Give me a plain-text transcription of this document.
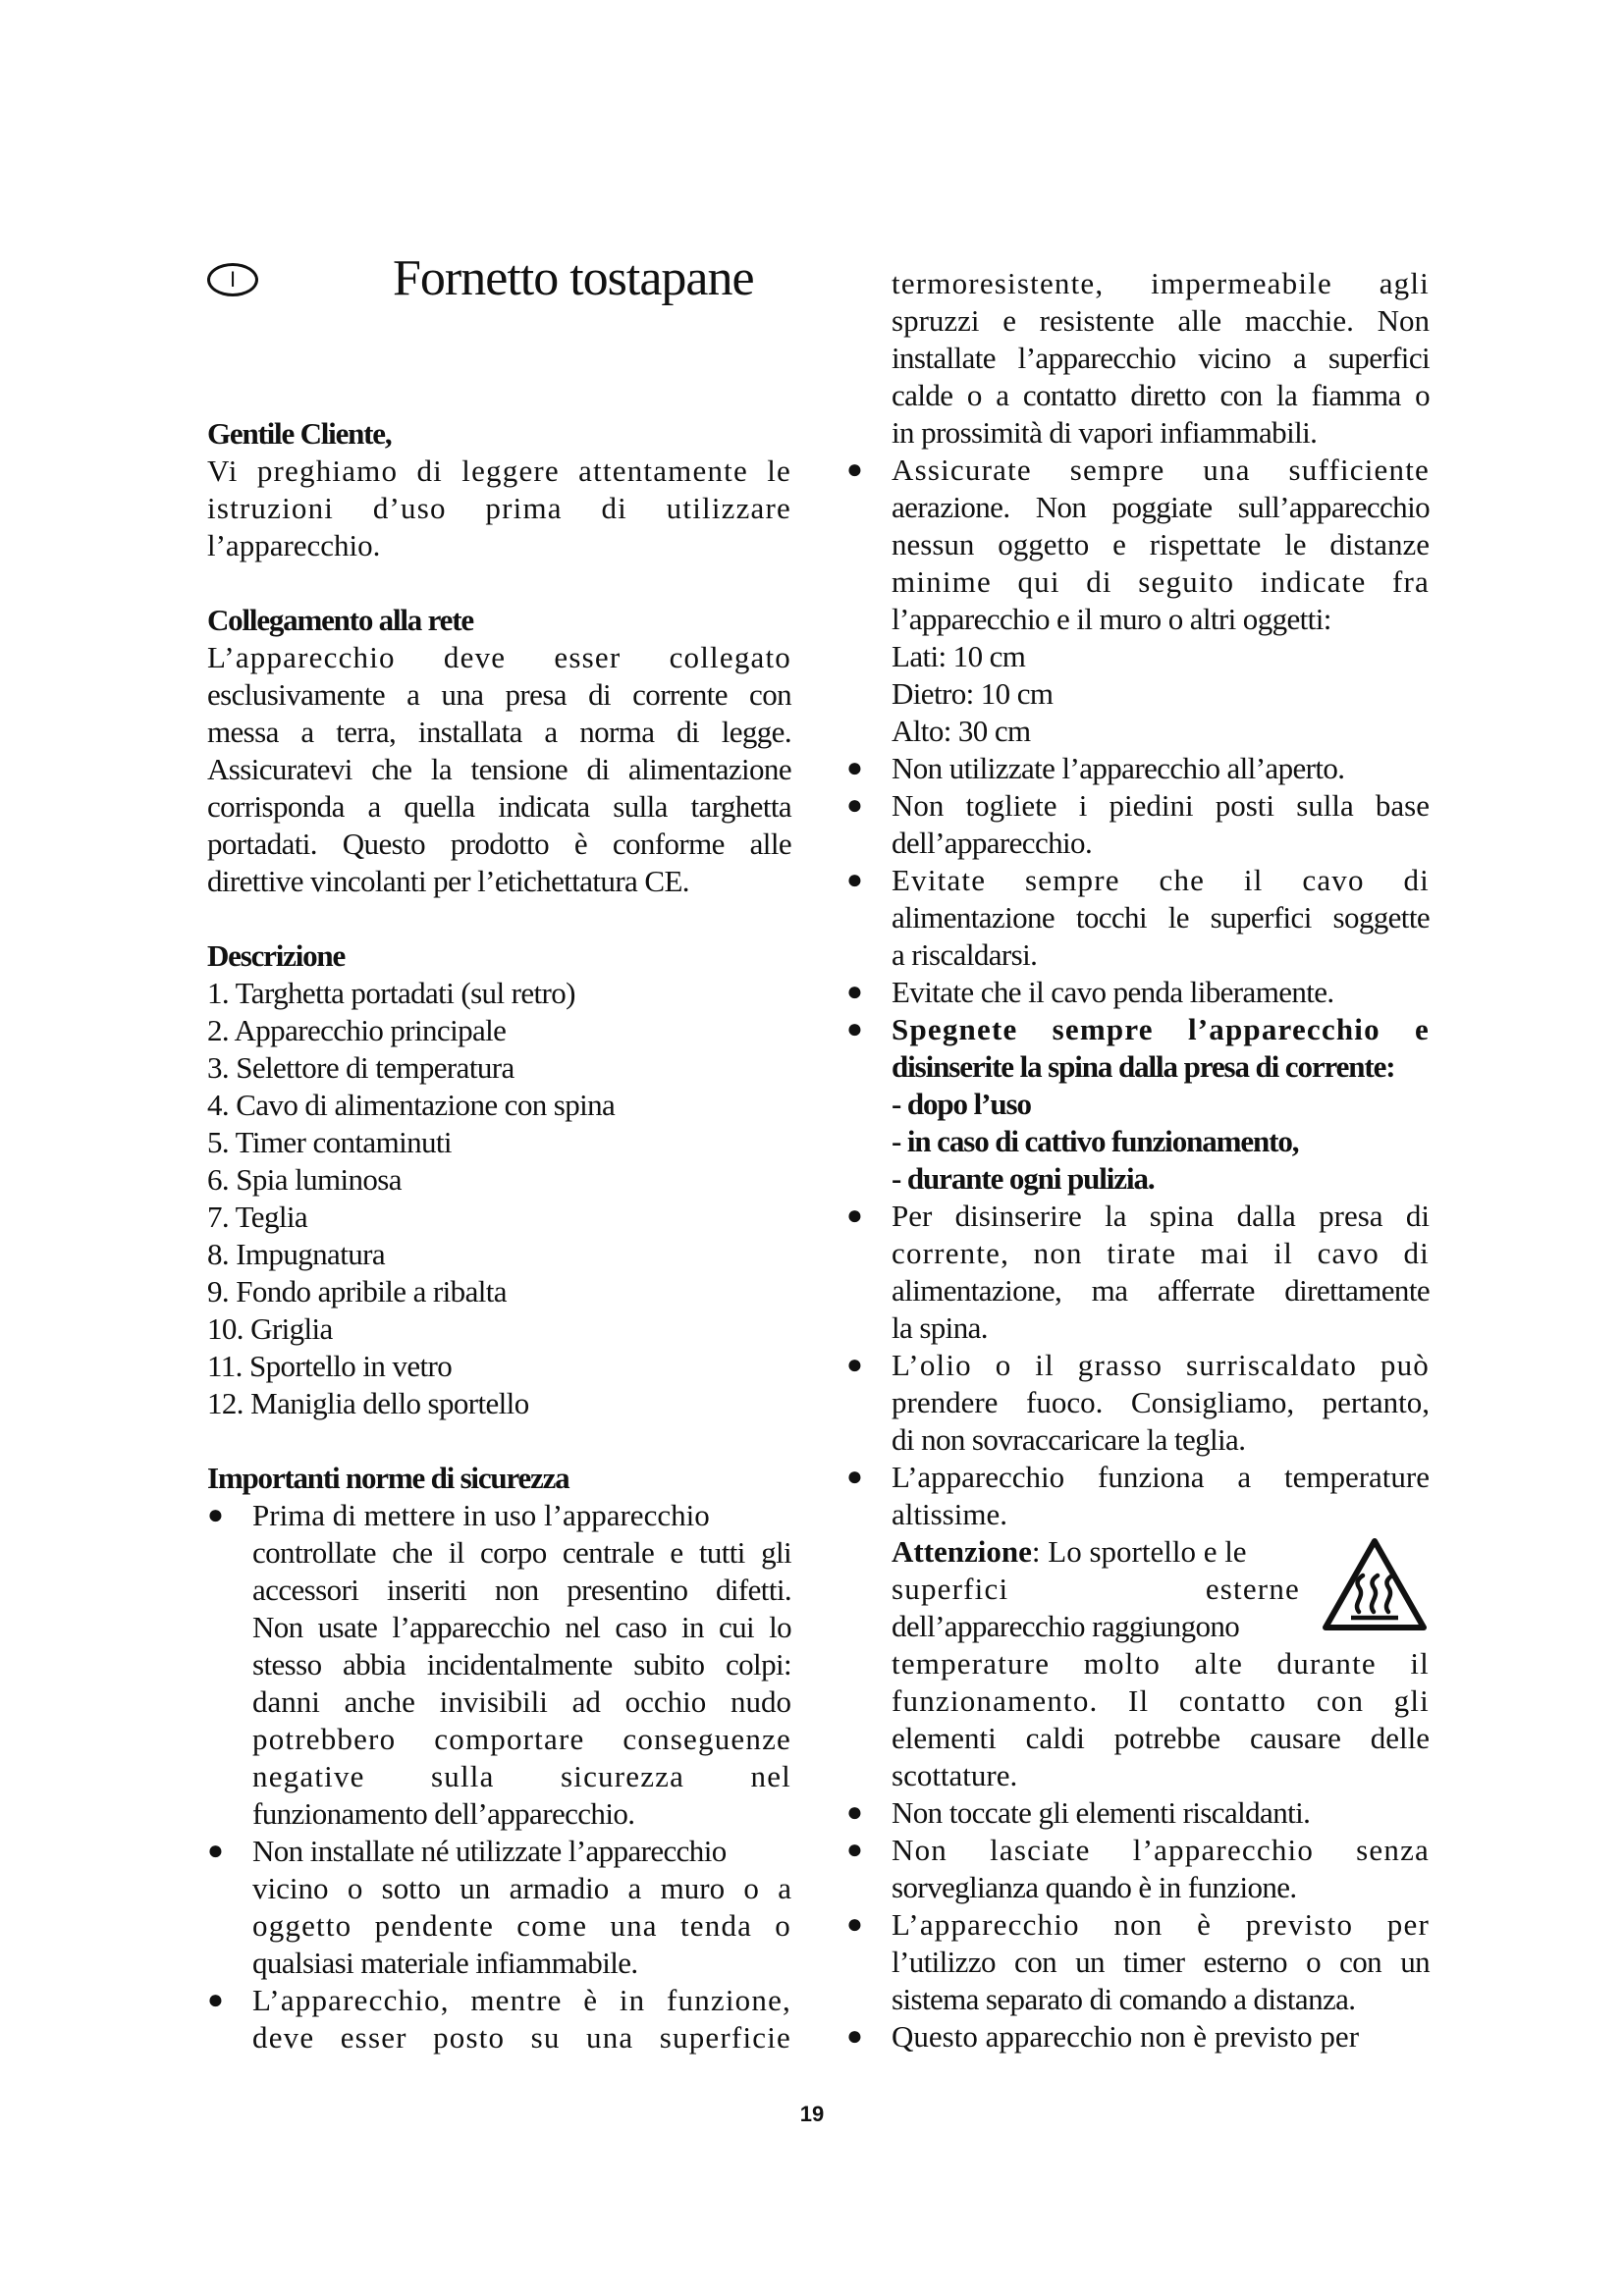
I	Fornetto tostapane
Gentile Cliente,
Vi preghiamo di leggere attentamente le
istruzioni d’uso prima di utilizzare
l’apparecchio.
Collegamento alla rete
L’apparecchio deve esser collegato
esclusivamente a una presa di corrente con
messa a terra, installata a norma di legge.
Assicuratevi che la tensione di alimentazione
corrisponda a quella indicata sulla targhetta
portadati. Questo prodotto è conforme alle
direttive vincolanti per l’etichettatura CE.
Descrizione
1. Targhetta portadati (sul retro)
2. Apparecchio principale
3. Selettore di temperatura
4. Cavo di alimentazione con spina
5. Timer contaminuti
6. Spia luminosa
7. Teglia
8. Impugnatura
9. Fondo apribile a ribalta
10. Griglia
11. Sportello in vetro
12. Maniglia dello sportello
Importanti norme di sicurezza
● Prima di mettere in uso l’apparecchio
controllate che il corpo centrale e tutti gli
accessori inseriti non presentino difetti.
Non usate l’apparecchio nel caso in cui lo
stesso abbia incidentalmente subito colpi:
danni anche invisibili ad occhio nudo
potrebbero comportare conseguenze
negative sulla sicurezza nel
funzionamento dell’apparecchio.
● Non installate né utilizzate l’apparecchio
vicino o sotto un armadio a muro o a
oggetto pendente come una tenda o
qualsiasi materiale infiammabile.
● L’apparecchio, mentre è in funzione,
deve esser posto su una superficie
termoresistente, impermeabile agli
spruzzi e resistente alle macchie. Non
installate l’apparecchio vicino a superfici
calde o a contatto diretto con la fiamma o
in prossimità di vapori infiammabili.
● Assicurate sempre una sufficiente
aerazione. Non poggiate sull’apparecchio
nessun oggetto e rispettate le distanze
minime qui di seguito indicate fra
l’apparecchio e il muro o altri oggetti:
Lati: 10 cm
Dietro: 10 cm
Alto: 30 cm
● Non utilizzate l’apparecchio all’aperto.
● Non togliete i piedini posti sulla base
dell’apparecchio.
● Evitate sempre che il cavo di
alimentazione tocchi le superfici soggette
a riscaldarsi.
● Evitate che il cavo penda liberamente.
● Spegnete sempre l’apparecchio e
disinserite la spina dalla presa di corrente:
- dopo l’uso
- in caso di cattivo funzionamento,
- durante ogni pulizia.
● Per disinserire la spina dalla presa di
corrente, non tirate mai il cavo di
alimentazione, ma afferrate direttamente
la spina.
● L’olio o il grasso surriscaldato può
prendere fuoco. Consigliamo, pertanto,
di non sovraccaricare la teglia.
● L’apparecchio funziona a temperature
altissime.
Attenzione: Lo sportello e le
superfici esterne
dell’apparecchio raggiungono
temperature molto alte durante il
funzionamento. Il contatto con gli
elementi caldi potrebbe causare delle
scottature.
● Non toccate gli elementi riscaldanti.
● Non lasciate l’apparecchio senza
sorveglianza quando è in funzione.
● L’apparecchio non è previsto per
l’utilizzo con un timer esterno o con un
sistema separato di comando a distanza.
● Questo apparecchio non è previsto per
19
